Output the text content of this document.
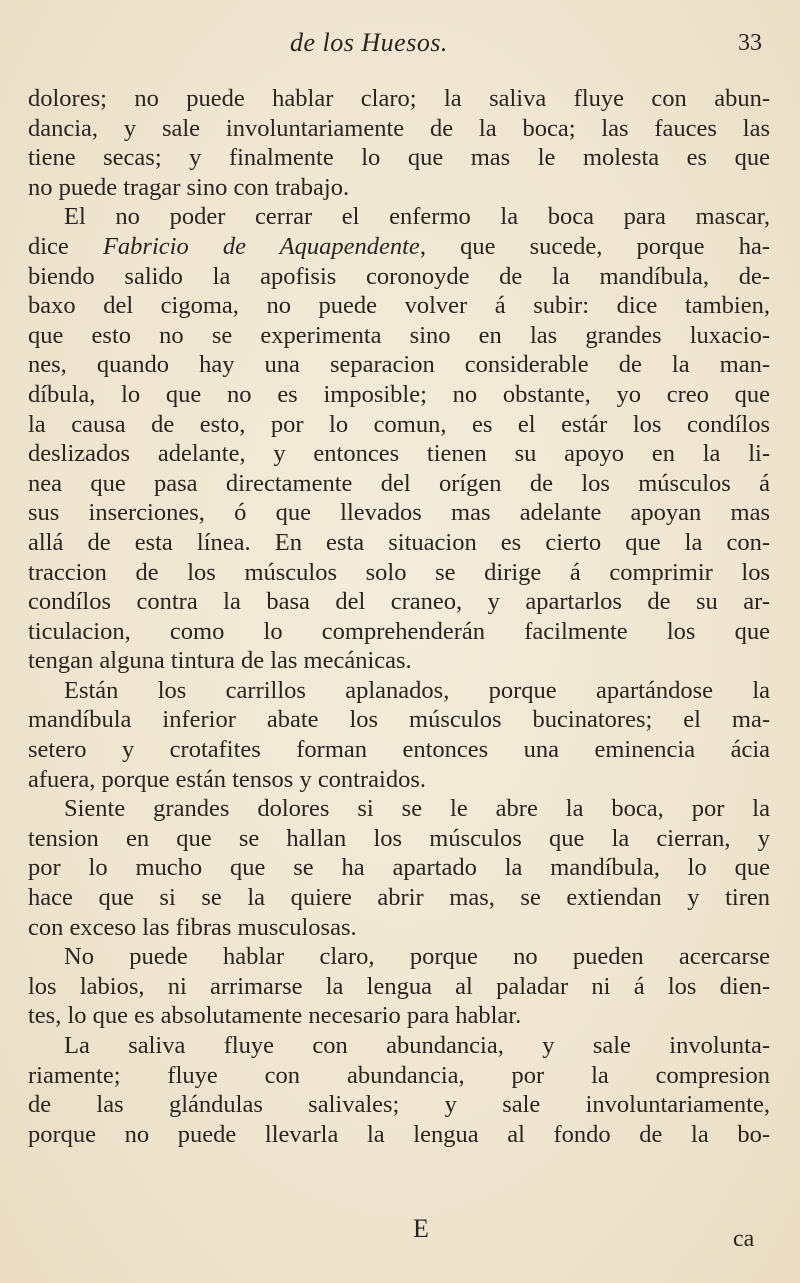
de los Huesos.	33
dolores; no puede hablar claro; la saliva fluye con abun-
dancia, y sale involuntariamente de la boca; las fauces las
tiene secas; y finalmente lo que mas le molesta es que
no puede tragar sino con trabajo.
El no poder cerrar el enfermo la boca para mascar,
dice Fabricio de Aquapendente, que sucede, porque ha-
biendo salido la apofisis coronoyde de la mandíbula, de-
baxo del cigoma, no puede volver á subir: dice tambien,
que esto no se experimenta sino en las grandes luxacio-
nes, quando hay una separacion considerable de la man-
díbula, lo que no es imposible; no obstante, yo creo que
la causa de esto, por lo comun, es el estár los condílos
deslizados adelante, y entonces tienen su apoyo en la li-
nea que pasa directamente del orígen de los músculos á
sus inserciones, ó que llevados mas adelante apoyan mas
allá de esta línea. En esta situacion es cierto que la con-
traccion de los músculos solo se dirige á comprimir los
condílos contra la basa del craneo, y apartarlos de su ar-
ticulacion, como lo comprehenderán facilmente los que
tengan alguna tintura de las mecánicas.
Están los carrillos aplanados, porque apartándose la
mandíbula inferior abate los músculos bucinatores; el ma-
setero y crotafites forman entonces una eminencia ácia
afuera, porque están tensos y contraidos.
Siente grandes dolores si se le abre la boca, por la
tension en que se hallan los músculos que la cierran, y
por lo mucho que se ha apartado la mandíbula, lo que
hace que si se la quiere abrir mas, se extiendan y tiren
con exceso las fibras musculosas.
No puede hablar claro, porque no pueden acercarse
los labios, ni arrimarse la lengua al paladar ni á los dien-
tes, lo que es absolutamente necesario para hablar.
La saliva fluye con abundancia, y sale involunta-
riamente; fluye con abundancia, por la compresion
de las glándulas salivales; y sale involuntariamente,
porque no puede llevarla la lengua al fondo de la bo-
E	ca
